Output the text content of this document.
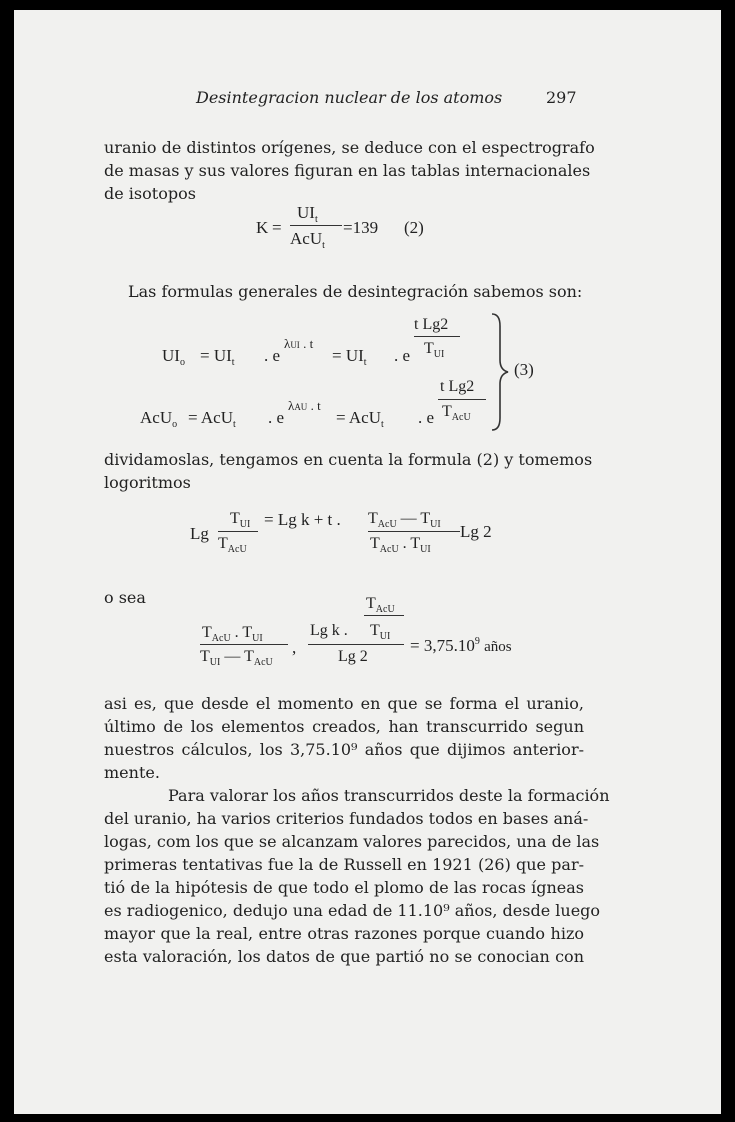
Desintegracion nuclear de los atomos	297
uranio de distintos orígenes, se deduce con el espectrografo
de masas y sus valores figuran en las tablas internacionales
de isotopos
K =
$UI_t$
AcU$_t$
=139 (2)
Las formulas generales de desintegración sabemos son:
$UI_o = UI_t$ . e
λUI . t
= $UI_t$ . e
t Lg2
$T_{UI}$
AcU$_o$ = AcU$_t$ . e
λAU . t
= AcU$_t$ . e
t Lg2
$T_{AcU}$
(3)
dividamoslas, tengamos en cuenta la formula (2) y tomemos
logoritmos
Lg
$T_{UI}$
$T_{AcU}$
= Lg k + t . $T_{AcU}$ — $T_{UI}$
$T_{AcU}$ . $T_{UI}$
Lg 2
o sea
$T_{AcU}$ . $T_{UI}$
$T_{UI}$ — $T_{AcU}$
,
$T_{AcU}$
Lg k . $T_{UI}$
Lg 2
= $3,75.10^9$ años
asi es, que desde el momento en que se forma el uranio,
último de los elementos creados, han transcurrido segun
nuestros cálculos, los 3,75.10⁹ años que dijimos anterior-
mente.
Para valorar los años transcurridos deste la formación
del uranio, ha varios criterios fundados todos en bases aná-
logas, com los que se alcanzam valores parecidos, una de las
primeras tentativas fue la de Russell en 1921 (26) que par-
tió de la hipótesis de que todo el plomo de las rocas ígneas
es radiogenico, dedujo una edad de 11.10⁹ años, desde luego
mayor que la real, entre otras razones porque cuando hizo
esta valoración, los datos de que partió no se conocian con
